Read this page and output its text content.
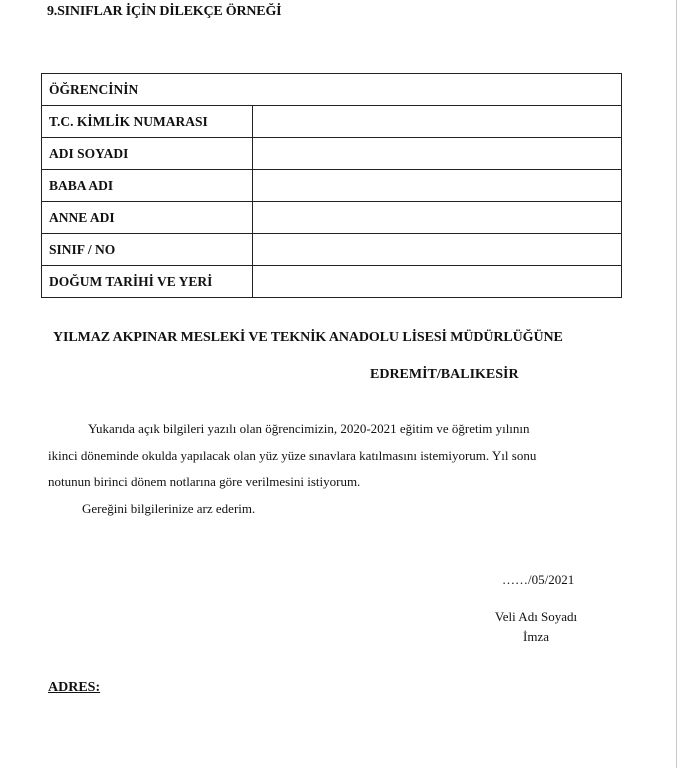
9.SINIFLAR İÇİN DİLEKÇE ÖRNEĞİ
ÖĞRENCİNİN	
T.C. KİMLİK NUMARASI	
ADI SOYADI	
BABA ADI	
ANNE ADI	
SINIF / NO	
DOĞUM TARİHİ VE YERİ	
YILMAZ AKPINAR MESLEKİ VE TEKNİK ANADOLU LİSESİ MÜDÜRLÜĞÜNE
EDREMİT/BALIKESİR
Yukarıda açık bilgileri yazılı olan öğrencimizin, 2020-2021 eğitim ve öğretim yılının
ikinci döneminde okulda yapılacak olan yüz yüze sınavlara katılmasını istemiyorum. Yıl sonu
notunun birinci dönem notlarına göre verilmesini istiyorum.
Gereğini bilgilerinize arz ederim.
……/05/2021
Veli Adı Soyadı
İmza
ADRES:
